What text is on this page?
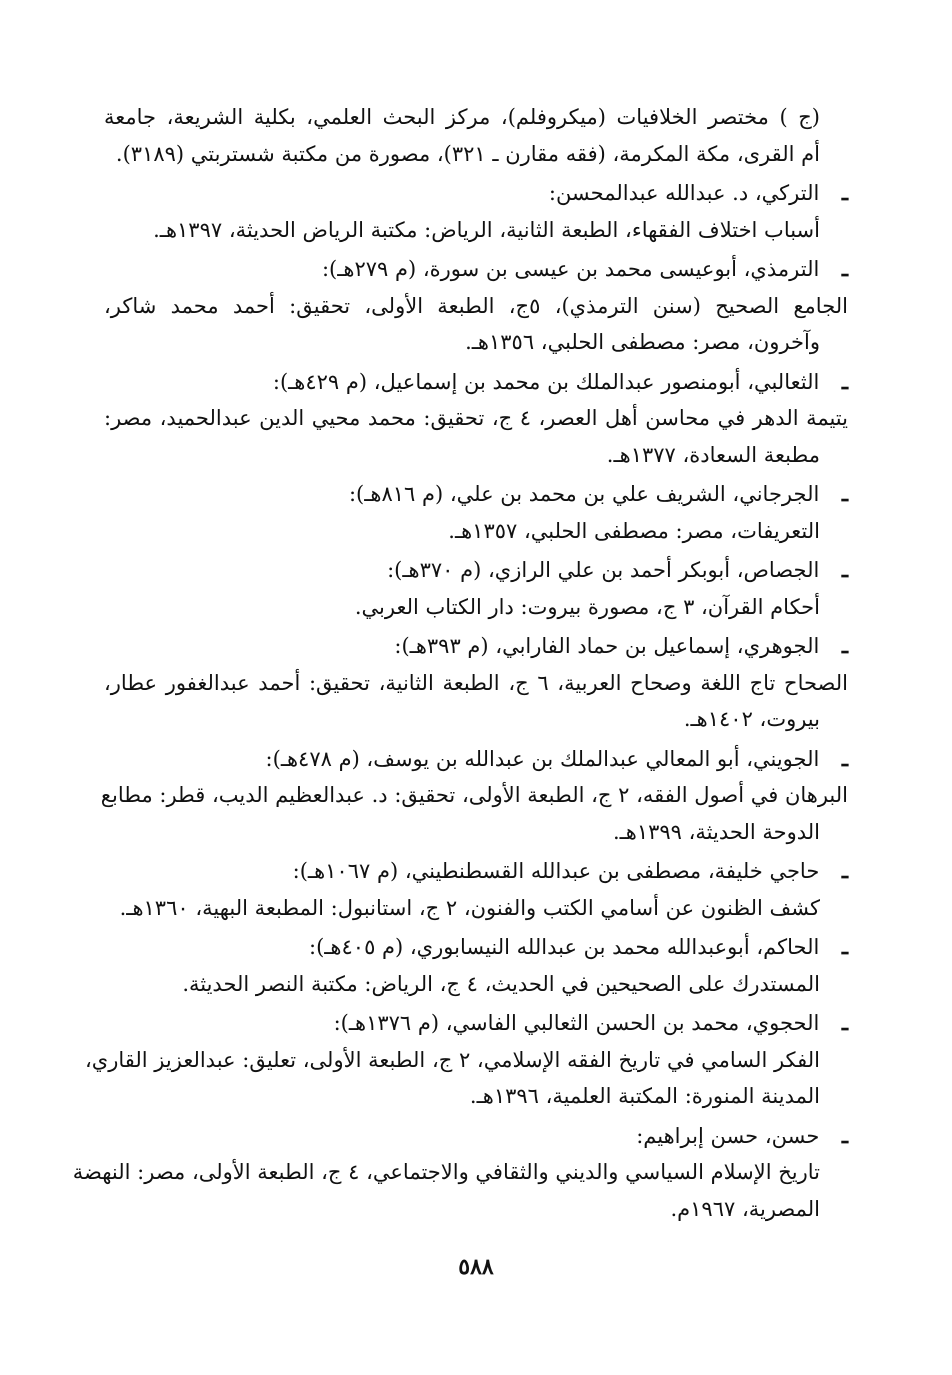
(ج ) مختصر الخلافيات (ميكروفلم)، مركز البحث العلمي، بكلية الشريعة، جامعة
أم القرى، مكة المكرمة، (فقه مقارن ـ ٣٢١)، مصورة من مكتبة شستربتي (٣١٨٩).
ـ التركي، د. عبدالله عبدالمحسن:
أسباب اختلاف الفقهاء، الطبعة الثانية، الرياض: مكتبة الرياض الحديثة، ١٣٩٧هـ.
ـ الترمذي، أبوعيسى محمد بن عيسى بن سورة، (م ٢٧٩هـ):
الجامع الصحيح (سنن الترمذي)، ٥ج، الطبعة الأولى، تحقيق: أحمد محمد شاكر،
وآخرون، مصر: مصطفى الحلبي، ١٣٥٦هـ.
ـ الثعالبي، أبومنصور عبدالملك بن محمد بن إسماعيل، (م ٤٢٩هـ):
يتيمة الدهر في محاسن أهل العصر، ٤ ج، تحقيق: محمد محيي الدين عبدالحميد، مصر:
مطبعة السعادة، ١٣٧٧هـ.
ـ الجرجاني، الشريف علي بن محمد بن علي، (م ٨١٦هـ):
التعريفات، مصر: مصطفى الحلبي، ١٣٥٧هـ.
ـ الجصاص، أبوبكر أحمد بن علي الرازي، (م ٣٧٠هـ):
أحكام القرآن، ٣ ج، مصورة بيروت: دار الكتاب العربي.
ـ الجوهري، إسماعيل بن حماد الفارابي، (م ٣٩٣هـ):
الصحاح تاج اللغة وصحاح العربية، ٦ ج، الطبعة الثانية، تحقيق: أحمد عبدالغفور عطار،
بيروت، ١٤٠٢هـ.
ـ الجويني، أبو المعالي عبدالملك بن عبدالله بن يوسف، (م ٤٧٨هـ):
البرهان في أصول الفقه، ٢ ج، الطبعة الأولى، تحقيق: د. عبدالعظيم الديب، قطر: مطابع
الدوحة الحديثة، ١٣٩٩هـ.
ـ حاجي خليفة، مصطفى بن عبدالله القسطنطيني، (م ١٠٦٧هـ):
كشف الظنون عن أسامي الكتب والفنون، ٢ ج، استانبول: المطبعة البهية، ١٣٦٠هـ.
ـ الحاكم، أبوعبدالله محمد بن عبدالله النيسابوري، (م ٤٠٥هـ):
المستدرك على الصحيحين في الحديث، ٤ ج، الرياض: مكتبة النصر الحديثة.
ـ الحجوي، محمد بن الحسن الثعالبي الفاسي، (م ١٣٧٦هـ):
الفكر السامي في تاريخ الفقه الإسلامي، ٢ ج، الطبعة الأولى، تعليق: عبدالعزيز القاري،
المدينة المنورة: المكتبة العلمية، ١٣٩٦هـ.
ـ حسن، حسن إبراهيم:
تاريخ الإسلام السياسي والديني والثقافي والاجتماعي، ٤ ج، الطبعة الأولى، مصر: النهضة
المصرية، ١٩٦٧م.
٥٨٨
